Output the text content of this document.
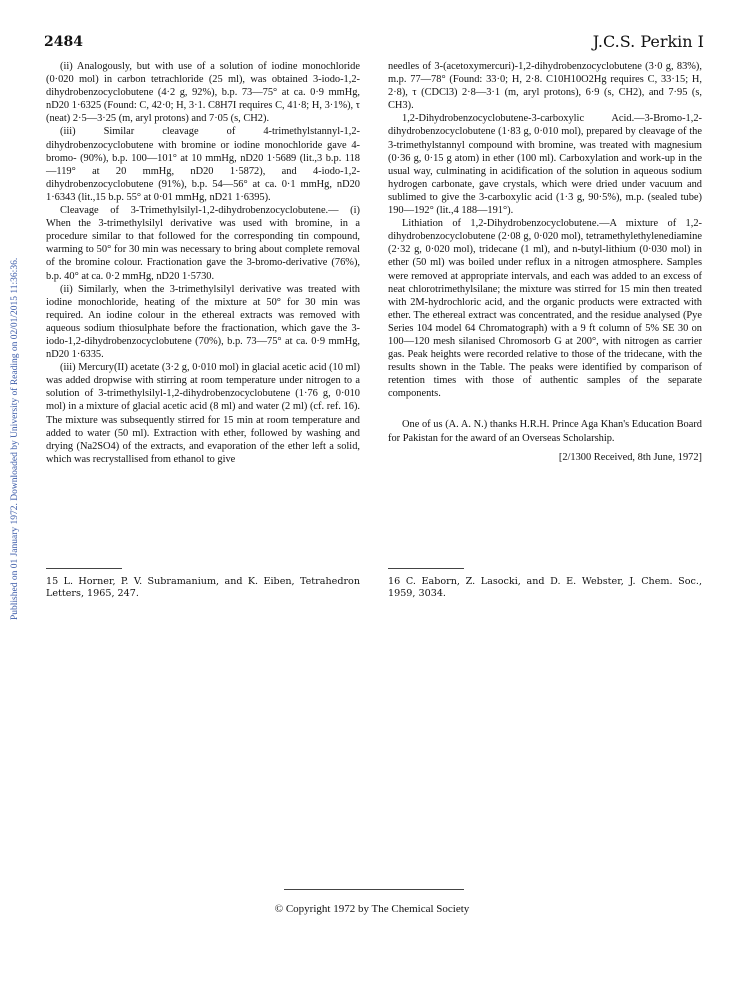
Published on 01 January 1972. Downloaded by University of Reading on 02/01/2015 11:36:36.
2484	J.C.S. Perkin I

(ii) Analogously, but with use of a solution of iodine monochloride (0·020 mol) in carbon tetrachloride (25 ml), was obtained 3-iodo-1,2-dihydrobenzocyclobutene (4·2 g, 92%), b.p. 73—75° at ca. 0·9 mmHg, nD20 1·6325 (Found: C, 42·0; H, 3·1. C8H7I requires C, 41·8; H, 3·1%), τ (neat) 2·5—3·25 (m, aryl protons) and 7·05 (s, CH2).

(iii) Similar cleavage of 4-trimethylstannyl-1,2-dihydrobenzocyclobutene with bromine or iodine monochloride gave 4-bromo- (90%), b.p. 100—101° at 10 mmHg, nD20 1·5689 (lit.,3 b.p. 118—119° at 20 mmHg, nD20 1·5872), and 4-iodo-1,2-dihydrobenzocyclobutene (91%), b.p. 54—56° at ca. 0·1 mmHg, nD20 1·6343 (lit.,15 b.p. 55° at 0·01 mmHg, nD21 1·6395).

Cleavage of 3-Trimethylsilyl-1,2-dihydrobenzocyclobutene.— (i) When the 3-trimethylsilyl derivative was used with bromine, in a procedure similar to that followed for the corresponding tin compound, warming to 50° for 30 min was necessary to bring about complete removal of the bromine colour. Fractionation gave the 3-bromo-derivative (76%), b.p. 40° at ca. 0·2 mmHg, nD20 1·5730.

(ii) Similarly, when the 3-trimethylsilyl derivative was treated with iodine monochloride, heating of the mixture at 50° for 30 min was required. An iodine colour in the ethereal extracts was removed with aqueous sodium thiosulphate before the fractionation, which gave the 3-iodo-1,2-dihydrobenzocyclobutene (70%), b.p. 73—75° at ca. 0·9 mmHg, nD20 1·6335.

(iii) Mercury(II) acetate (3·2 g, 0·010 mol) in glacial acetic acid (10 ml) was added dropwise with stirring at room temperature under nitrogen to a solution of 3-trimethylsilyl-1,2-dihydrobenzocyclobutene (1·76 g, 0·010 mol) in a mixture of glacial acetic acid (8 ml) and water (2 ml) (cf. ref. 16). The mixture was subsequently stirred for 15 min at room temperature and added to water (50 ml). Extraction with ether, followed by washing and drying (Na2SO4) of the extracts, and evaporation of the ether left a solid, which was recrystallised from ethanol to give

needles of 3-(acetoxymercuri)-1,2-dihydrobenzocyclobutene (3·0 g, 83%), m.p. 77—78° (Found: 33·0; H, 2·8. C10H10O2Hg requires C, 33·15; H, 2·8), τ (CDCl3) 2·8—3·1 (m, aryl protons), 6·9 (s, CH2), and 7·95 (s, CH3).

1,2-Dihydrobenzocyclobutene-3-carboxylic Acid.—3-Bromo-1,2-dihydrobenzocyclobutene (1·83 g, 0·010 mol), prepared by cleavage of the 3-trimethylstannyl compound with bromine, was treated with magnesium (0·36 g, 0·15 g atom) in ether (100 ml). Carboxylation and work-up in the usual way, culminating in acidification of the solution in aqueous sodium hydrogen carbonate, gave crystals, which were dried under vacuum and sublimed to give the 3-carboxylic acid (1·3 g, 90·5%), m.p. (sealed tube) 190—192° (lit.,4 188—191°).

Lithiation of 1,2-Dihydrobenzocyclobutene.—A mixture of 1,2-dihydrobenzocyclobutene (2·08 g, 0·020 mol), tetramethylethylenediamine (2·32 g, 0·020 mol), tridecane (1 ml), and n-butyl-lithium (0·030 mol) in ether (50 ml) was boiled under reflux in a nitrogen atmosphere. Samples were removed at appropriate intervals, and each was added to an excess of neat chlorotrimethylsilane; the mixture was stirred for 15 min then treated with 2M-hydrochloric acid, and the organic products were extracted with ether. The ethereal extract was concentrated, and the residue analysed (Pye Series 104 model 64 Chromatograph) with a 9 ft column of 5% SE 30 on 100—120 mesh silanised Chromosorb G at 200°, with nitrogen as carrier gas. Peak heights were recorded relative to those of the tridecane, with the results shown in the Table. The peaks were identified by comparison of retention times with those of authentic samples of the separate components.

One of us (A. A. N.) thanks H.R.H. Prince Aga Khan's Education Board for Pakistan for the award of an Overseas Scholarship.

[2/1300 Received, 8th June, 1972]
15 L. Horner, P. V. Subramanium, and K. Eiben, Tetrahedron Letters, 1965, 247.
16 C. Eaborn, Z. Lasocki, and D. E. Webster, J. Chem. Soc., 1959, 3034.
© Copyright 1972 by The Chemical Society
